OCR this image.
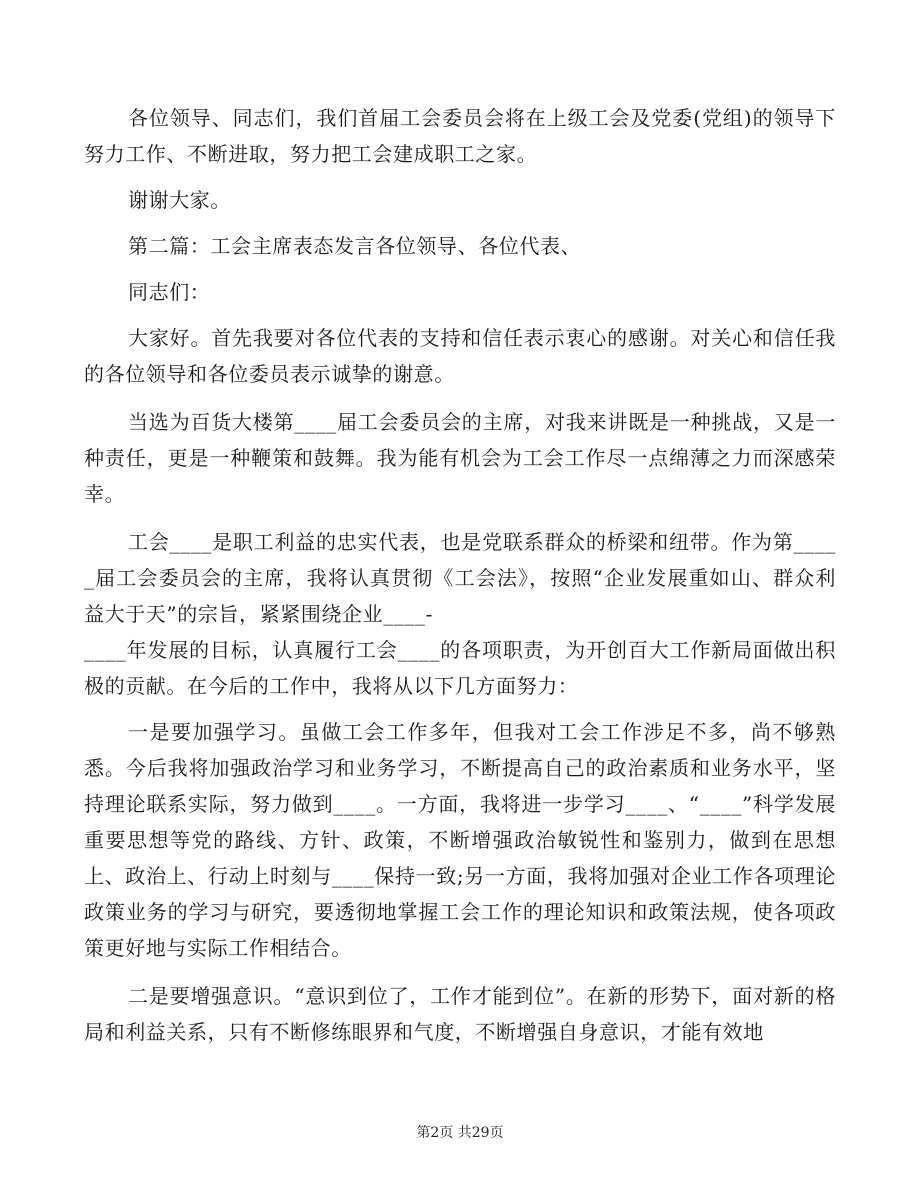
各位领导、同志们，我们首届工会委员会将在上级工会及党委(党组)的领导下努力工作、不断进取，努力把工会建成职工之家。

谢谢大家。

第二篇：工会主席表态发言各位领导、各位代表、

同志们：

大家好。首先我要对各位代表的支持和信任表示衷心的感谢。对关心和信任我的各位领导和各位委员表示诚挚的谢意。

当选为百货大楼第____届工会委员会的主席，对我来讲既是一种挑战，又是一种责任，更是一种鞭策和鼓舞。我为能有机会为工会工作尽一点绵薄之力而深感荣幸。

工会____是职工利益的忠实代表，也是党联系群众的桥梁和纽带。作为第_____届工会委员会的主席，我将认真贯彻《工会法》，按照“企业发展重如山、群众利益大于天”的宗旨，紧紧围绕企业____-

____年发展的目标，认真履行工会____的各项职责，为开创百大工作新局面做出积极的贡献。在今后的工作中，我将从以下几方面努力：

一是要加强学习。虽做工会工作多年，但我对工会工作涉足不多，尚不够熟悉。今后我将加强政治学习和业务学习，不断提高自己的政治素质和业务水平，坚持理论联系实际，努力做到____。一方面，我将进一步学习____、“____”科学发展重要思想等党的路线、方针、政策，不断增强政治敏锐性和鉴别力，做到在思想上、政治上、行动上时刻与____保持一致;另一方面，我将加强对企业工作各项理论政策业务的学习与研究，要透彻地掌握工会工作的理论知识和政策法规，使各项政策更好地与实际工作相结合。

二是要增强意识。“意识到位了，工作才能到位”。在新的形势下，面对新的格局和利益关系，只有不断修练眼界和气度，不断增强自身意识，才能有效地

第2页 共29页
